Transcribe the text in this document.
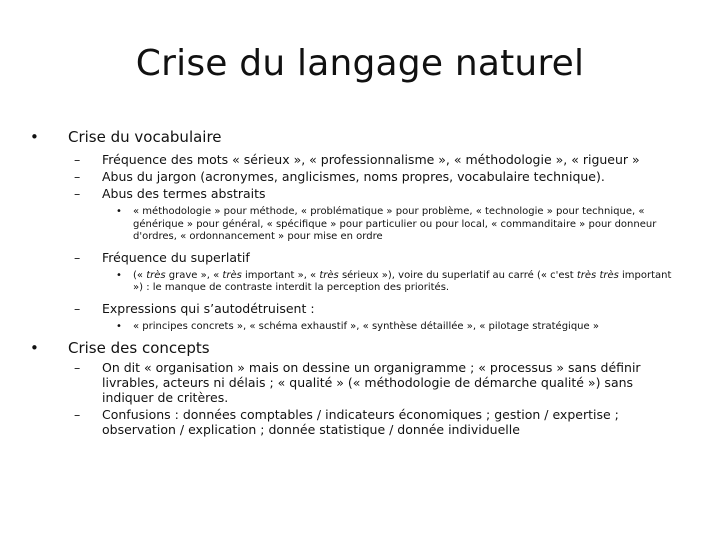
Crise du langage naturel
• Crise du vocabulaire
– Fréquence des mots « sérieux », « professionnalisme », « méthodologie », « rigueur »
– Abus du jargon (acronymes, anglicismes, noms propres, vocabulaire technique).
– Abus des termes abstraits
• « méthodologie » pour méthode, « problématique » pour problème, « technologie » pour technique, « générique » pour général, « spécifique » pour particulier ou pour local, « commanditaire » pour donneur d'ordres, « ordonnancement » pour mise en ordre
– Fréquence du superlatif
• (« très grave », « très important », « très sérieux »), voire du superlatif au carré (« c'est très très important ») : le manque de contraste interdit la perception des priorités.
– Expressions qui s’autodétruisent :
• « principes concrets », « schéma exhaustif », « synthèse détaillée », « pilotage stratégique »
• Crise des concepts
– On dit « organisation » mais on dessine un organigramme ; « processus » sans définir livrables, acteurs ni délais ; « qualité » (« méthodologie de démarche qualité ») sans indiquer de critères.
– Confusions : données comptables / indicateurs économiques ; gestion / expertise ; observation / explication ; donnée statistique / donnée individuelle
